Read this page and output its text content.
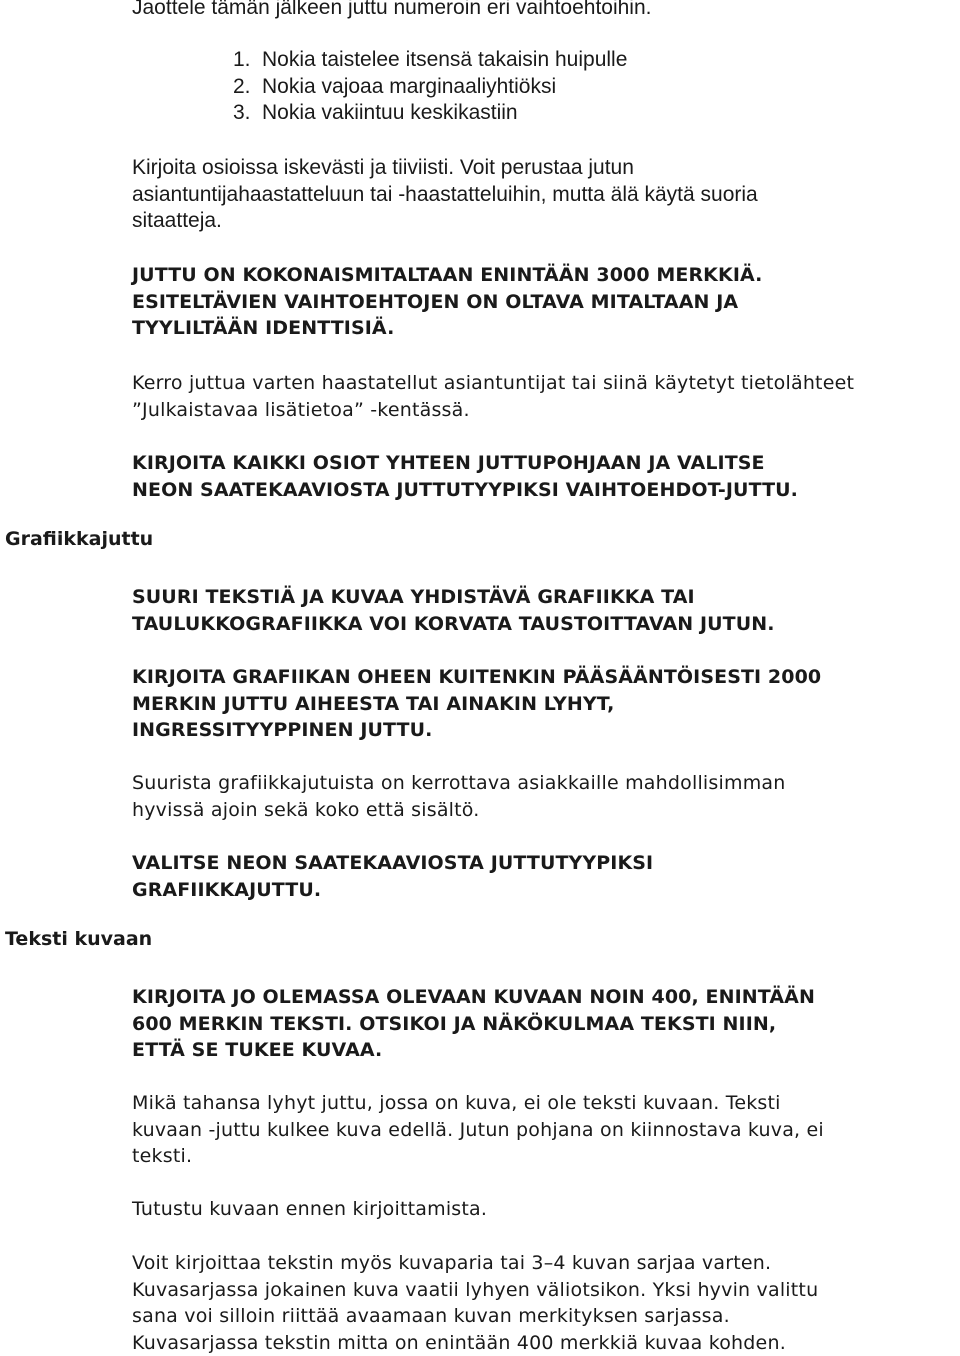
Jaottele tämän jälkeen juttu numeroin eri vaihtoehtoihin.

1. Nokia taistelee itsensä takaisin huipulle
2. Nokia vajoaa marginaaliyhtiöksi
3. Nokia vakiintuu keskikastiin

Kirjoita osioissa iskevästi ja tiiviisti. Voit perustaa jutun
asiantuntijahaastatteluun tai -haastatteluihin, mutta älä käytä suoria
sitaatteja.

JUTTU ON KOKONAISMITALTAAN ENINTÄÄN 3000 MERKKIÄ.
ESITELTÄVIEN VAIHTOEHTOJEN ON OLTAVA MITALTAAN JA
TYYLILTÄÄN IDENTTISIÄ.

Kerro juttua varten haastatellut asiantuntijat tai siinä käytetyt tietolähteet
”Julkaistavaa lisätietoa” -kentässä.

KIRJOITA KAIKKI OSIOT YHTEEN JUTTUPOHJAAN JA VALITSE
NEON SAATEKAAVIOSTA JUTTUTYYPIKSI VAIHTOEHDOT-JUTTU.

Grafiikkajuttu

SUURI TEKSTIÄ JA KUVAA YHDISTÄVÄ GRAFIIKKA TAI
TAULUKKOGRAFIIKKA VOI KORVATA TAUSTOITTAVAN JUTUN.

KIRJOITA GRAFIIKAN OHEEN KUITENKIN PÄÄSÄÄNTÖISESTI 2000
MERKIN JUTTU AIHEESTA TAI AINAKIN LYHYT,
INGRESSITYYPPINEN JUTTU.

Suurista grafiikkajutuista on kerrottava asiakkaille mahdollisimman
hyvissä ajoin sekä koko että sisältö.

VALITSE NEON SAATEKAAVIOSTA JUTTUTYYPIKSI
GRAFIIKKAJUTTU.

Teksti kuvaan

KIRJOITA JO OLEMASSA OLEVAAN KUVAAN NOIN 400, ENINTÄÄN
600 MERKIN TEKSTI. OTSIKOI JA NÄKÖKULMAA TEKSTI NIIN,
ETTÄ SE TUKEE KUVAA.

Mikä tahansa lyhyt juttu, jossa on kuva, ei ole teksti kuvaan. Teksti
kuvaan -juttu kulkee kuva edellä. Jutun pohjana on kiinnostava kuva, ei
teksti.

Tutustu kuvaan ennen kirjoittamista.

Voit kirjoittaa tekstin myös kuvaparia tai 3–4 kuvan sarjaa varten.
Kuvasarjassa jokainen kuva vaatii lyhyen väliotsikon. Yksi hyvin valittu
sana voi silloin riittää avaamaan kuvan merkityksen sarjassa.
Kuvasarjassa tekstin mitta on enintään 400 merkkiä kuvaa kohden.
